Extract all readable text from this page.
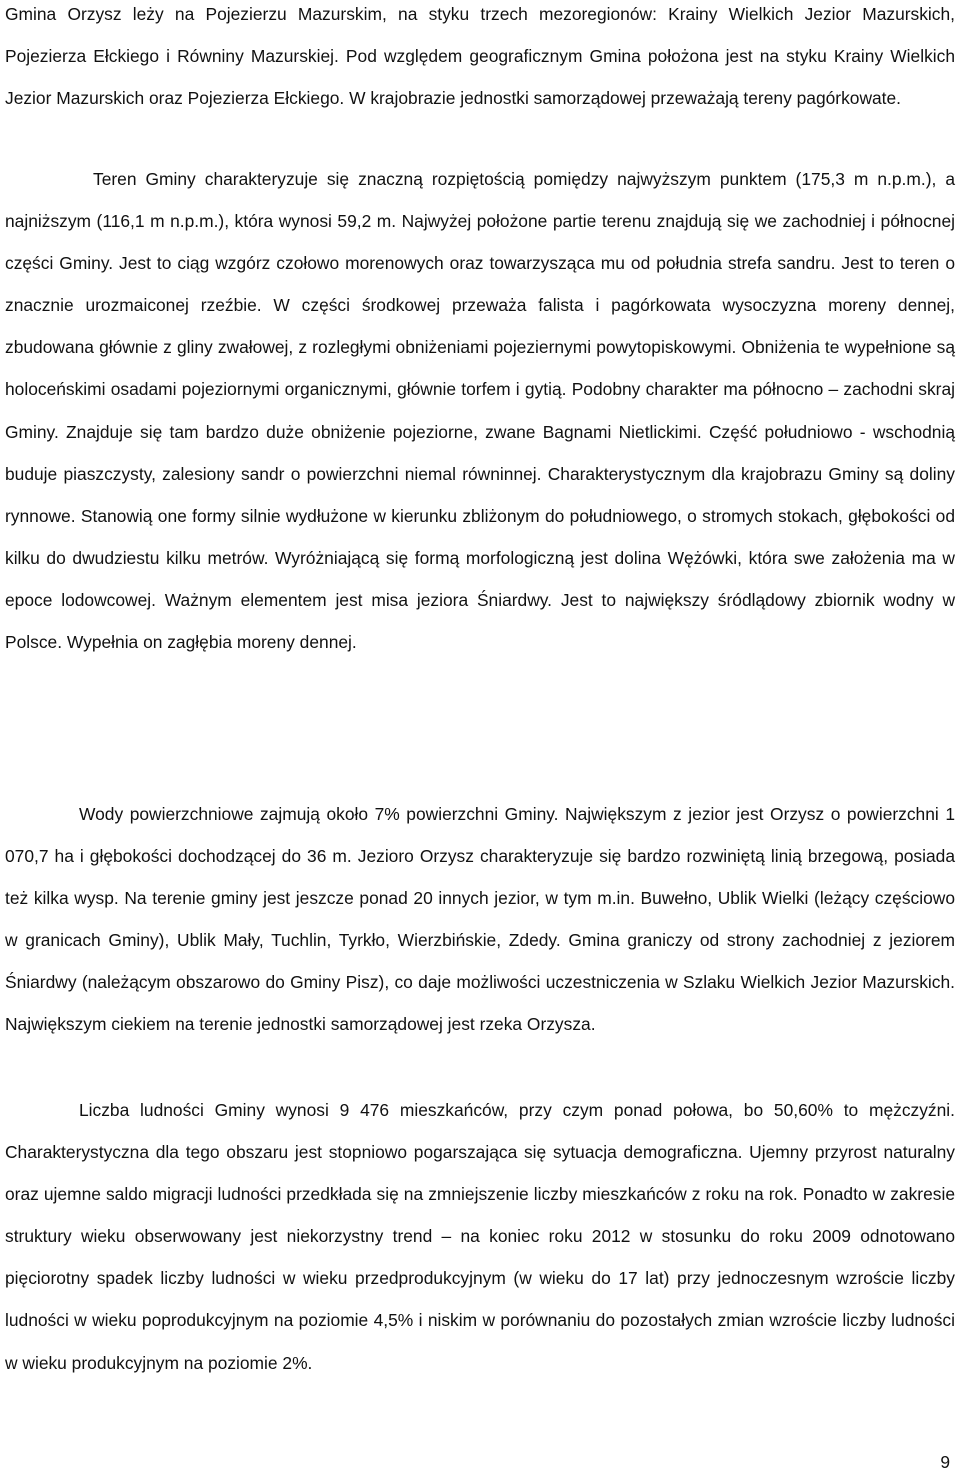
Gmina Orzysz leży na Pojezierzu Mazurskim, na styku trzech mezoregionów: Krainy Wielkich Jezior Mazurskich, Pojezierza Ełckiego i Równiny Mazurskiej. Pod względem geograficznym Gmina położona jest na styku Krainy Wielkich Jezior Mazurskich oraz Pojezierza Ełckiego. W krajobrazie jednostki samorządowej przeważają tereny pagórkowate.

Teren Gminy charakteryzuje się znaczną rozpiętością pomiędzy najwyższym punktem (175,3 m n.p.m.), a najniższym (116,1 m n.p.m.), która wynosi 59,2 m. Najwyżej położone partie terenu znajdują się we zachodniej i północnej części Gminy. Jest to ciąg wzgórz czołowo morenowych oraz towarzysząca mu od południa strefa sandru. Jest to teren o znacznie urozmaiconej rzeźbie. W części środkowej przeważa falista i pagórkowata wysoczyzna moreny dennej, zbudowana głównie z gliny zwałowej, z rozległymi obniżeniami pojeziernymi powytopiskowymi. Obniżenia te wypełnione są holoceńskimi osadami pojeziornymi organicznymi, głównie torfem i gytią. Podobny charakter ma północno – zachodni skraj Gminy. Znajduje się tam bardzo duże obniżenie pojeziorne, zwane Bagnami Nietlickimi. Część południowo - wschodnią buduje piaszczysty, zalesiony sandr o powierzchni niemal równinnej. Charakterystycznym dla krajobrazu Gminy są doliny rynnowe. Stanowią one formy silnie wydłużone w kierunku zbliżonym do południowego, o stromych stokach, głębokości od kilku do dwudziestu kilku metrów. Wyróżniającą się formą morfologiczną jest dolina Wężówki, która swe założenia ma w epoce lodowcowej. Ważnym elementem jest misa jeziora Śniardwy. Jest to największy śródlądowy zbiornik wodny w Polsce. Wypełnia on zagłębia moreny dennej.

Wody powierzchniowe zajmują około 7% powierzchni Gminy. Największym z jezior jest Orzysz o powierzchni 1 070,7 ha i głębokości dochodzącej do 36 m. Jezioro Orzysz charakteryzuje się bardzo rozwiniętą linią brzegową, posiada też kilka wysp. Na terenie gminy jest jeszcze ponad 20 innych jezior, w tym m.in. Buwełno, Ublik Wielki (leżący częściowo w granicach Gminy), Ublik Mały, Tuchlin, Tyrkło, Wierzbińskie, Zdedy. Gmina graniczy od strony zachodniej z jeziorem Śniardwy (należącym obszarowo do Gminy Pisz), co daje możliwości uczestniczenia w Szlaku Wielkich Jezior Mazurskich. Największym ciekiem na terenie jednostki samorządowej jest rzeka Orzysza.

Liczba ludności Gminy wynosi 9 476 mieszkańców, przy czym ponad połowa, bo 50,60% to mężczyźni. Charakterystyczna dla tego obszaru jest stopniowo pogarszająca się sytuacja demograficzna. Ujemny przyrost naturalny oraz ujemne saldo migracji ludności przedkłada się na zmniejszenie liczby mieszkańców z roku na rok. Ponadto w zakresie struktury wieku obserwowany jest niekorzystny trend – na koniec roku 2012 w stosunku do roku 2009 odnotowano pięciorotny spadek liczby ludności w wieku przedprodukcyjnym (w wieku do 17 lat) przy jednoczesnym wzroście liczby ludności w wieku poprodukcyjnym na poziomie 4,5% i niskim w porównaniu do pozostałych zmian wzroście liczby ludności w wieku produkcyjnym na poziomie 2%.

9
